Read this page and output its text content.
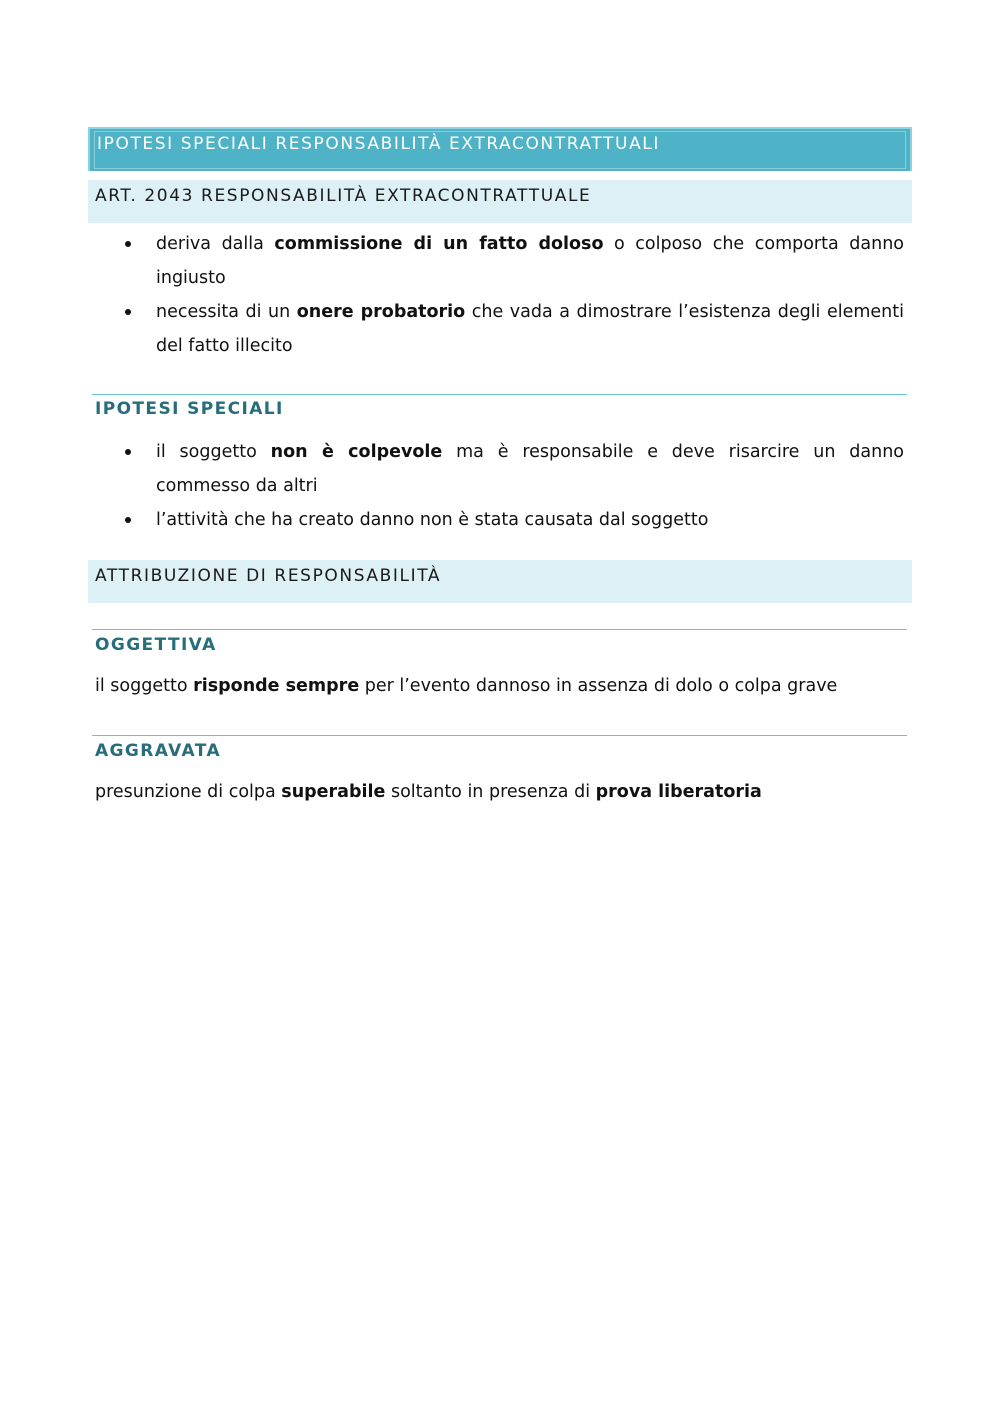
IPOTESI SPECIALI RESPONSABILITÀ EXTRACONTRATTUALI
ART. 2043 RESPONSABILITÀ EXTRACONTRATTUALE
deriva dalla commissione di un fatto doloso o colposo che comporta danno ingiusto
necessita di un onere probatorio che vada a dimostrare l’esistenza degli elementi del fatto illecito
IPOTESI SPECIALI
il soggetto non è colpevole ma è responsabile e deve risarcire un danno commesso da altri
l’attività che ha creato danno non è stata causata dal soggetto
ATTRIBUZIONE DI RESPONSABILITÀ
OGGETTIVA
il soggetto risponde sempre per l’evento dannoso in assenza di dolo o colpa grave
AGGRAVATA
presunzione di colpa superabile soltanto in presenza di prova liberatoria
